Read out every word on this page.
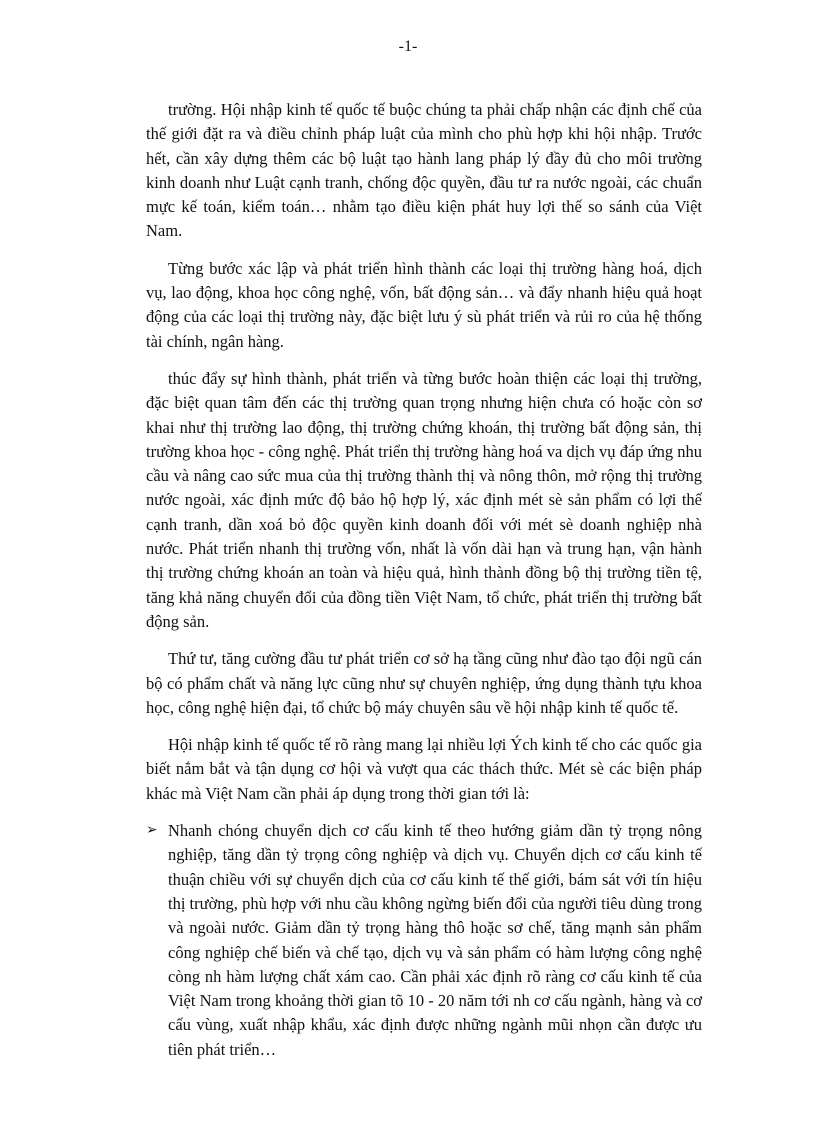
-1-

trường. Hội nhập kinh tế quốc tế buộc chúng ta phải chấp nhận các định chế của thế giới đặt ra và điều chỉnh pháp luật của mình cho phù hợp khi hội nhập. Trước hết, cần xây dựng thêm các bộ luật tạo hành lang pháp lý đầy đủ cho môi trường kinh doanh như Luật cạnh tranh, chống độc quyền, đầu tư ra nước ngoài, các chuẩn mực kế toán, kiểm toán… nhằm tạo điều kiện phát huy lợi thế so sánh của Việt Nam.

Từng bước xác lập và phát triển hình thành các loại thị trường hàng hoá, dịch vụ, lao động, khoa học công nghệ, vốn, bất động sản… và đẩy nhanh hiệu quả hoạt động của các loại thị trường này, đặc biệt lưu ý sù phát triển và rủi ro của hệ thống tài chính, ngân hàng.

thúc đẩy sự hình thành, phát triển và từng bước hoàn thiện các loại thị trường, đặc biệt quan tâm đến các thị trường quan trọng nhưng hiện chưa có hoặc còn sơ khai như thị trường lao động, thị trường chứng khoán, thị trường bất động sản, thị trường khoa học - công nghệ. Phát triển thị trường hàng hoá va dịch vụ đáp ứng nhu cầu và nâng cao sức mua của thị trường thành thị và nông thôn, mở rộng thị trường nước ngoài, xác định mức độ bảo hộ hợp lý, xác định mét sè sản phẩm có lợi thế cạnh tranh, dần xoá bỏ độc quyền kinh doanh đối với mét sè doanh nghiệp nhà nước. Phát triển nhanh thị trường vốn, nhất là vốn dài hạn và trung hạn, vận hành thị trường chứng khoán an toàn và hiệu quả, hình thành đồng bộ thị trường tiền tệ, tăng khả năng chuyển đổi của đồng tiền Việt Nam, tổ chức, phát triển thị trường bất động sản.

Thứ tư, tăng cường đầu tư phát triển cơ sở hạ tầng cũng như đào tạo đội ngũ cán bộ có phẩm chất và năng lực cũng như sự chuyên nghiệp, ứng dụng thành tựu khoa học, công nghệ hiện đại, tổ chức bộ máy chuyên sâu về hội nhập kinh tế quốc tế.

Hội nhập kinh tế quốc tế rõ ràng mang lại nhiều lợi Ých kinh tế cho các quốc gia biết nắm bắt và tận dụng cơ hội và vượt qua các thách thức. Mét sè các biện pháp khác mà Việt Nam cần phải áp dụng trong thời gian tới là:

➢ Nhanh chóng chuyển dịch cơ cấu kinh tế theo hướng giảm dần tỷ trọng nông nghiệp, tăng dần tỷ trọng công nghiệp và dịch vụ. Chuyển dịch cơ cấu kinh tế thuận chiều với sự chuyển dịch của cơ cấu kinh tế thế giới, bám sát với tín hiệu thị trường, phù hợp với nhu cầu không ngừng biến đổi của người tiêu dùng trong và ngoài nước. Giảm dần tỷ trọng hàng thô hoặc sơ chế, tăng mạnh sản phẩm công nghiệp chế biến và chế tạo, dịch vụ và sản phẩm có hàm lượng công nghệ còng nh hàm lượng chất xám cao. Cần phải xác định rõ ràng cơ cấu kinh tế của Việt Nam trong khoảng thời gian tõ 10 - 20 năm tới nh cơ cấu ngành, hàng và cơ cấu vùng, xuất nhập khẩu, xác định được những ngành mũi nhọn cần được ưu tiên phát triển…
